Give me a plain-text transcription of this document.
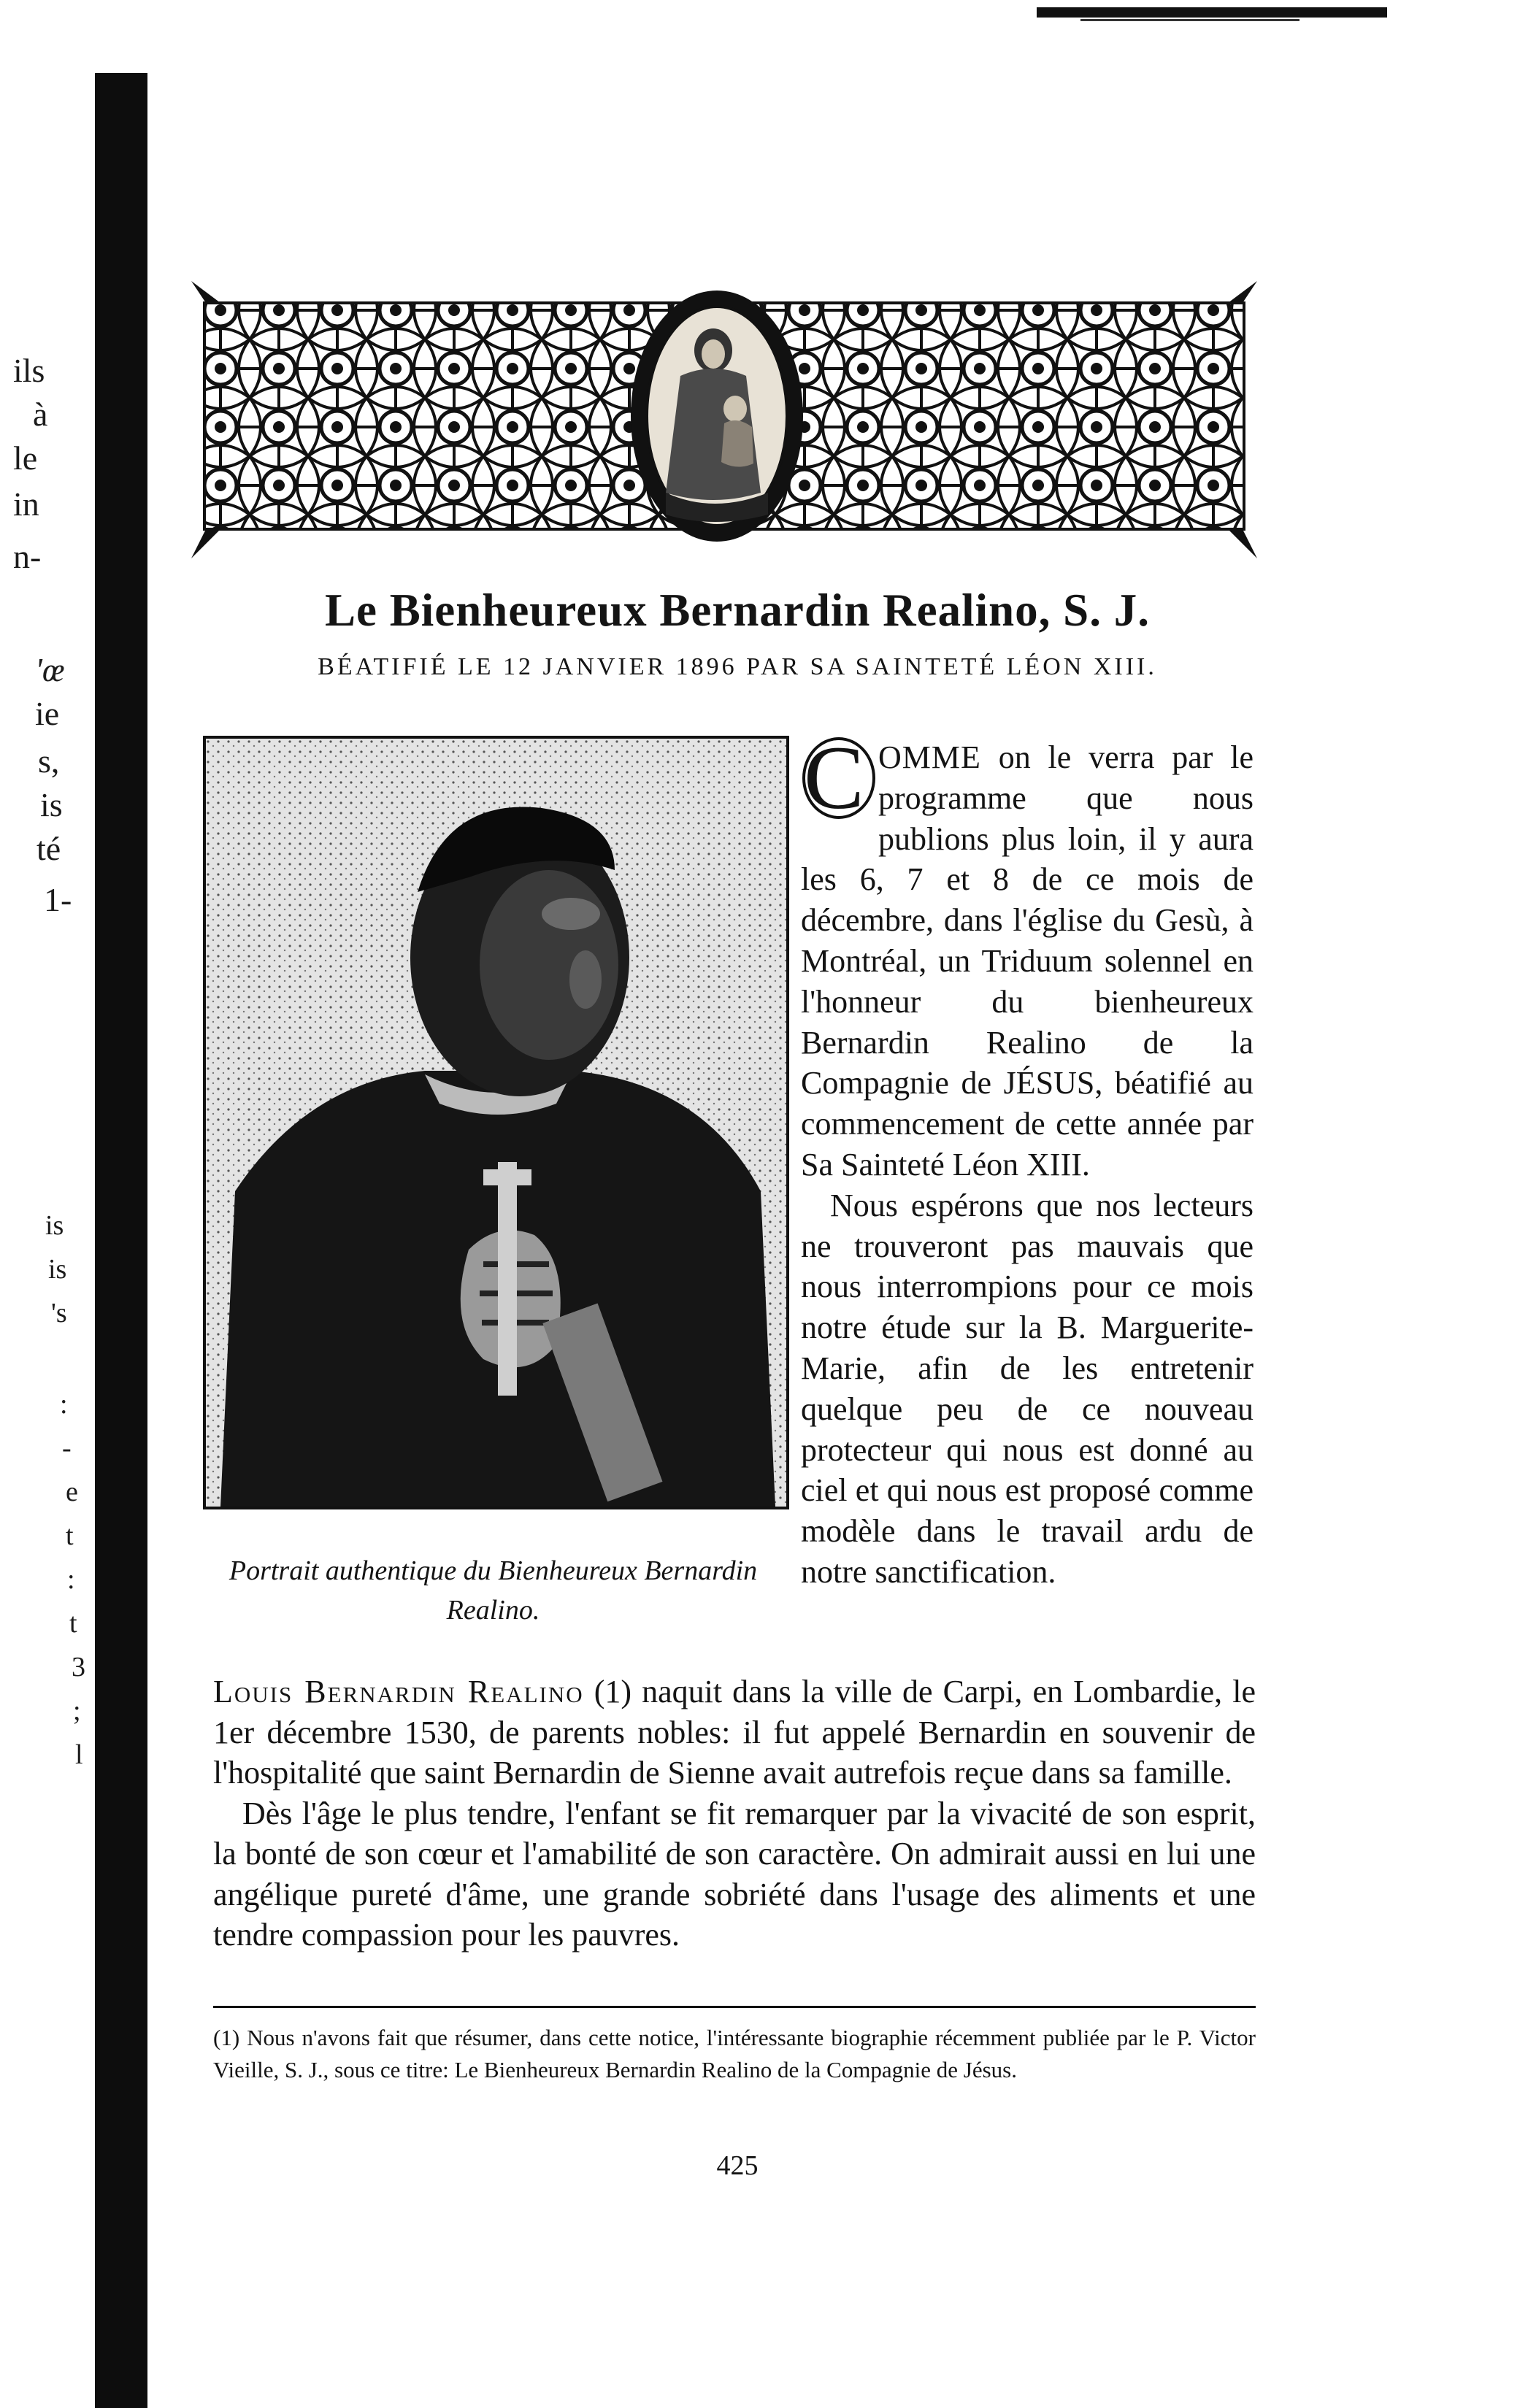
ils
à
le
in
n-
'œ
ie
s,
is
té
1-
is
is
's
:
-
e
t
:
t
3
;
l
Le Bienheureux Bernardin Realino, S. J.
BÉATIFIÉ LE 12 JANVIER 1896 PAR SA SAINTETÉ LÉON XIII.
Portrait authentique du Bienheureux Bernardin Realino.

C OMME on le verra par le programme que nous publions plus loin, il y aura les 6, 7 et 8 de ce mois de décembre, dans l'église du Gesù, à Montréal, un Triduum solennel en l'honneur du bienheureux Bernardin Realino de la Compagnie de JÉSUS, béatifié au commencement de cette année par Sa Sainteté Léon XIII.

Nous espérons que nos lecteurs ne trouveront pas mauvais que nous interrompions pour ce mois notre étude sur la B. Marguerite-Marie, afin de les entretenir quelque peu de ce nouveau protecteur qui nous est donné au ciel et qui nous est proposé comme modèle dans le travail ardu de notre sanctification.

Louis Bernardin Realino (1) naquit dans la ville de Carpi, en Lombardie, le 1er décembre 1530, de parents nobles: il fut appelé Bernardin en souvenir de l'hospitalité que saint Bernardin de Sienne avait autrefois reçue dans sa famille.

Dès l'âge le plus tendre, l'enfant se fit remarquer par la vivacité de son esprit, la bonté de son cœur et l'amabilité de son caractère. On admirait aussi en lui une angélique pureté d'âme, une grande sobriété dans l'usage des aliments et une tendre compassion pour les pauvres.

(1) Nous n'avons fait que résumer, dans cette notice, l'intéressante biographie récemment publiée par le P. Victor Vieille, S. J., sous ce titre: Le Bienheureux Bernardin Realino de la Compagnie de Jésus.
425
